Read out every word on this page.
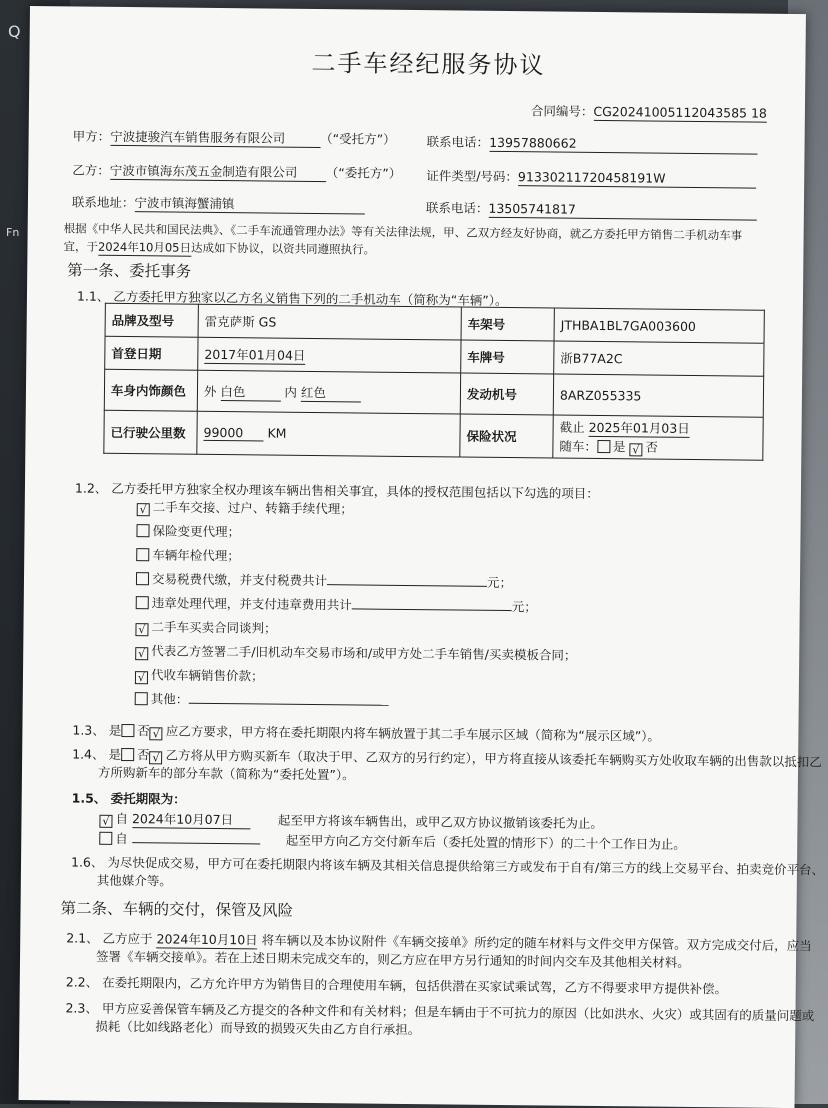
Q
Fn
二手车经纪服务协议
合同编号：CG20241005112043585 18
甲方：宁波捷骏汽车销售服务有限公司	（“受托方”） 联系电话：13957880662
乙方：宁波市镇海东茂五金制造有限公司 （“委托方”） 证件类型/号码：91330211720458191W
联系地址：宁波市镇海蟹浦镇	联系电话：13505741817
根据《中华人民共和国民法典》、《二手车流通管理办法》等有关法律法规，甲、乙双方经友好协商，就乙方委托甲方销售二手机动车事
宜，于2024年10月05日达成如下协议，以资共同遵照执行。
第一条、委托事务
1.1、 乙方委托甲方独家以乙方名义销售下列的二手机动车（简称为“车辆”）。
品牌及型号	雷克萨斯 GS	车架号	JTHBA1BL7GA003600
首登日期	2017年01月04日	车牌号	浙B77A2C
车身内饰颜色	外 白色 内 红色	发动机号	8ARZ055335
已行驶公里数	99000 KM	保险状况	截止 2025年01月03日
随车： 是 √ 否
1.2、 乙方委托甲方独家全权办理该车辆出售相关事宜，具体的授权范围包括以下勾选的项目：
√ 二手车交接、过户、转籍手续代理；
保险变更代理；
车辆年检代理；
交易税费代缴，并支付税费共计	元；
违章处理代理，并支付违章费用共计	元；
√ 二手车买卖合同谈判；
√ 代表乙方签署二手/旧机动车交易市场和/或甲方处二手车销售/买卖模板合同；
√ 代收车辆销售价款；
其他：
1.3、 是 否 √ 应乙方要求，甲方将在委托期限内将车辆放置于其二手车展示区域（简称为“展示区域”）。
1.4、 是 否 √ 乙方将从甲方购买新车（取决于甲、乙双方的另行约定），甲方将直接从该委托车辆购买方处收取车辆的出售款以抵扣乙
方所购新车的部分车款（简称为“委托处置”）。
1.5、 委托期限为：
√ 自 2024年10月07日	起至甲方将该车辆售出，或甲乙双方协议撤销该委托为止。
自	起至甲方向乙方交付新车后（委托处置的情形下）的二十个工作日为止。
1.6、 为尽快促成交易，甲方可在委托期限内将该车辆及其相关信息提供给第三方或发布于自有/第三方的线上交易平台、拍卖竞价平台、
其他媒介等。
第二条、车辆的交付，保管及风险
2.1、 乙方应于 2024年10月10日 将车辆以及本协议附件《车辆交接单》所约定的随车材料与文件交甲方保管。双方完成交付后，应当
签署《车辆交接单》。若在上述日期未完成交车的，则乙方应在甲方另行通知的时间内交车及其他相关材料。
2.2、 在委托期限内，乙方允许甲方为销售目的合理使用车辆，包括供潜在买家试乘试驾，乙方不得要求甲方提供补偿。
2.3、 甲方应妥善保管车辆及乙方提交的各种文件和有关材料；但是车辆由于不可抗力的原因（比如洪水、火灾）或其固有的质量问题或
损耗（比如线路老化）而导致的损毁灭失由乙方自行承担。
